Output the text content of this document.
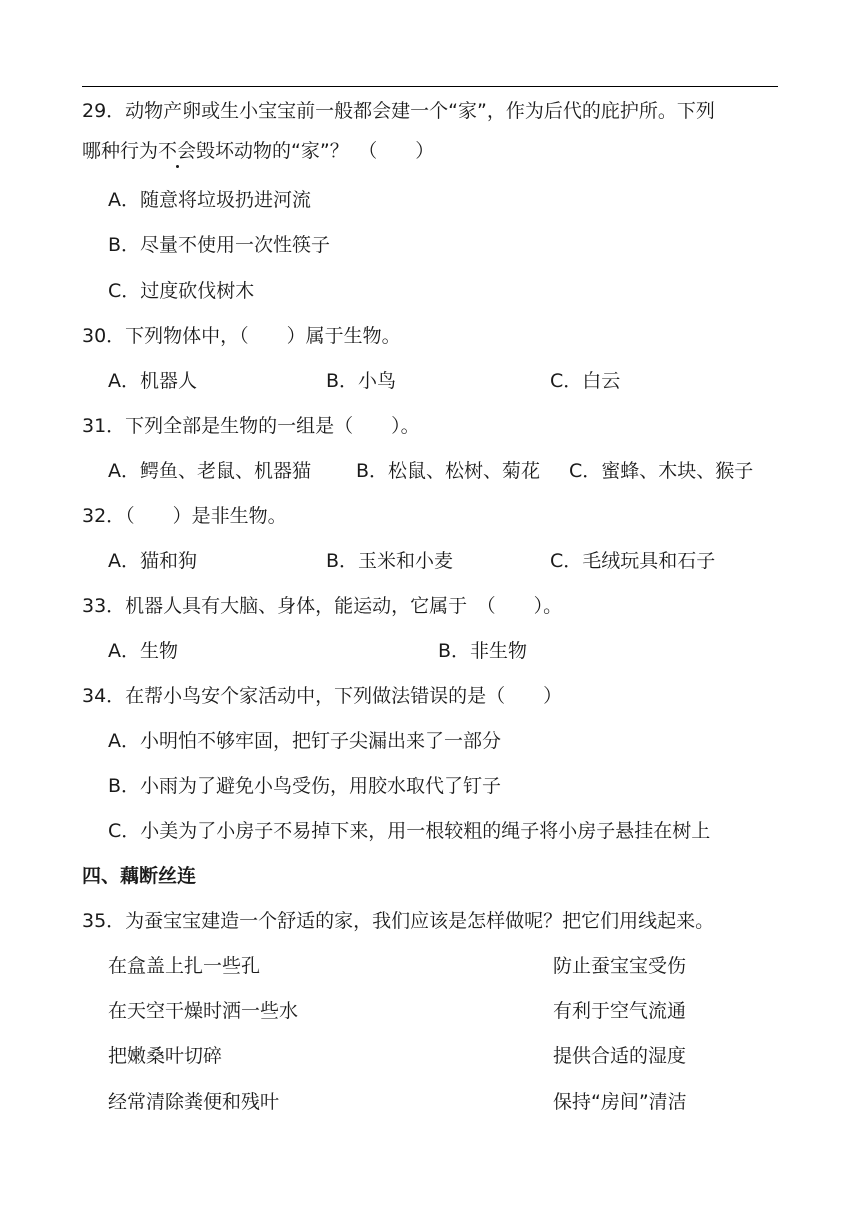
29．动物产卵或生小宝宝前一般都会建一个“家”，作为后代的庇护所。下列
哪种行为不会毁坏动物的“家”？　（　　）
A．随意将垃圾扔进河流
B．尽量不使用一次性筷子
C．过度砍伐树木
30．下列物体中，（　　）属于生物。
A．机器人	B．小鸟	C．白云
31．下列全部是生物的一组是（　　）。
A．鳄鱼、老鼠、机器猫 B．松鼠、松树、菊花 C．蜜蜂、木块、猴子
32．（　　）是非生物。
A．猫和狗	B．玉米和小麦	C．毛绒玩具和石子
33．机器人具有大脑、身体，能运动，它属于　（　　）。
A．生物	B．非生物
34．在帮小鸟安个家活动中，下列做法错误的是（　　）
A．小明怕不够牢固，把钉子尖漏出来了一部分
B．小雨为了避免小鸟受伤，用胶水取代了钉子
C．小美为了小房子不易掉下来，用一根较粗的绳子将小房子悬挂在树上
四、藕断丝连
35．为蚕宝宝建造一个舒适的家，我们应该是怎样做呢？把它们用线起来。
在盒盖上扎一些孔	防止蚕宝宝受伤
在天空干燥时洒一些水	有利于空气流通
把嫩桑叶切碎	提供合适的湿度
经常清除粪便和残叶	保持“房间”清洁
